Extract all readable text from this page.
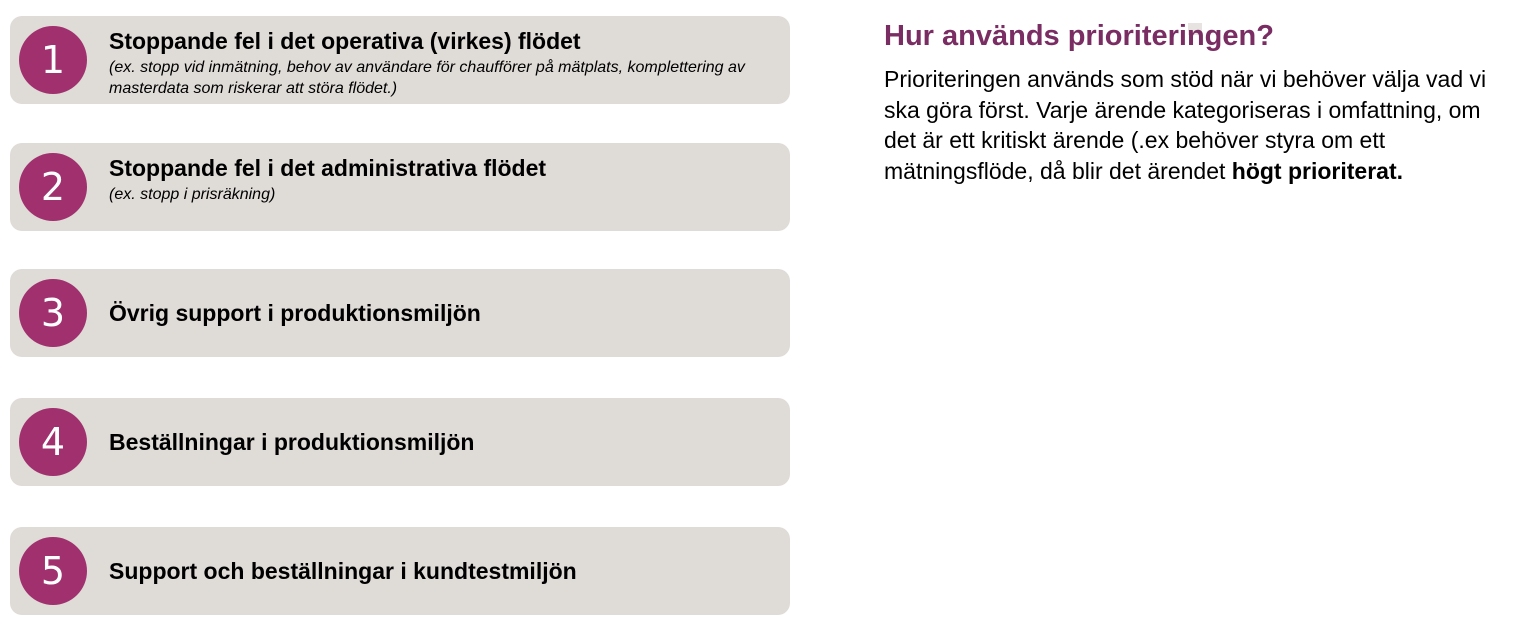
1	Stoppande fel i det operativa (virkes) flödet
(ex. stopp vid inmätning, behov av användare för chaufförer på mätplats, komplettering av masterdata som riskerar att störa flödet.)
2	Stoppande fel i det administrativa flödet
(ex. stopp i prisräkning)
3	Övrig support i produktionsmiljön
4	Beställningar i produktionsmiljön
5	Support och beställningar i kundtestmiljön
Hur används prioriteringen?
Prioriteringen används som stöd när vi behöver välja vad vi ska göra först. Varje ärende kategoriseras i omfattning, om det är ett kritiskt ärende (.ex behöver styra om ett mätningsflöde, då blir det ärendet högt prioriterat.
